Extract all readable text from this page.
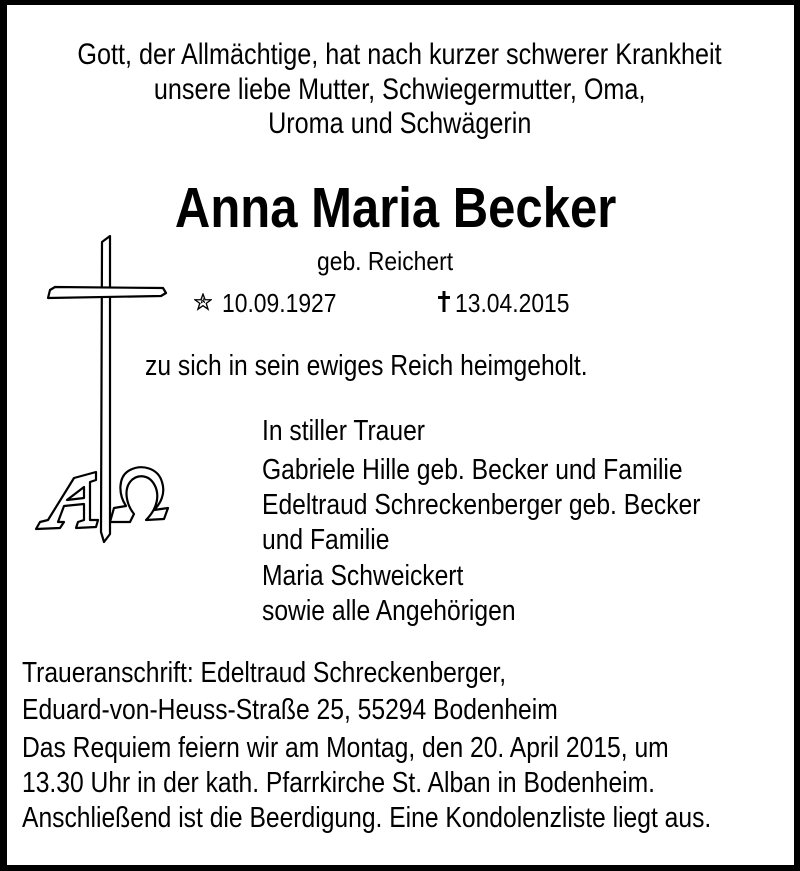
Gott, der Allmächtige, hat nach kurzer schwerer Krankheit
unsere liebe Mutter, Schwiegermutter, Oma,
Uroma und Schwägerin
Anna Maria Becker
geb. Reichert
10.09.1927	13.04.2015
zu sich in sein ewiges Reich heimgeholt.
In stiller Trauer
Gabriele Hille geb. Becker und Familie
Edeltraud Schreckenberger geb. Becker
und Familie
Maria Schweickert
sowie alle Angehörigen
Traueranschrift: Edeltraud Schreckenberger,
Eduard-von-Heuss-Straße 25, 55294 Bodenheim
Das Requiem feiern wir am Montag, den 20. April 2015, um
13.30 Uhr in der kath. Pfarrkirche St. Alban in Bodenheim.
Anschließend ist die Beerdigung. Eine Kondolenzliste liegt aus.
